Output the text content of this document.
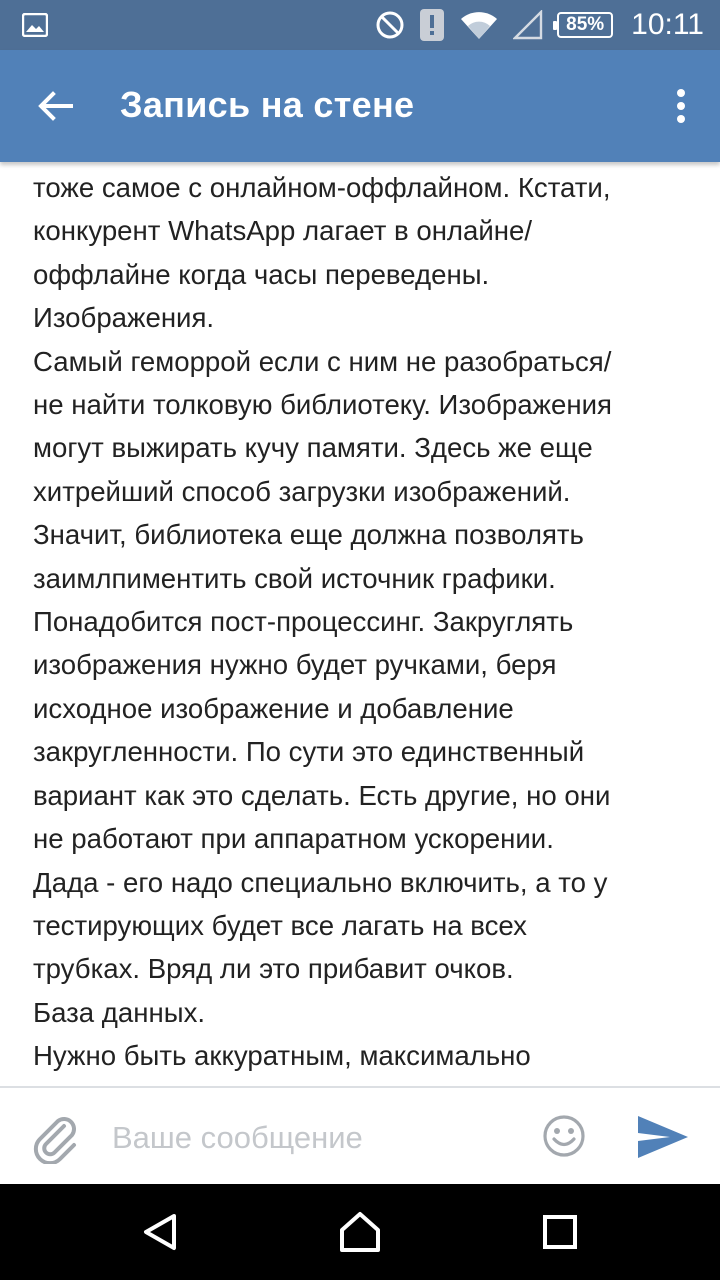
85% 10:11
Запись на стене
тоже самое с онлайном-оффлайном. Кстати,
конкурент WhatsApp лагает в онлайне/
оффлайне когда часы переведены.
Изображения.
Самый геморрой если с ним не разобраться/
не найти толковую библиотеку. Изображения
могут выжирать кучу памяти. Здесь же еще
хитрейший способ загрузки изображений.
Значит, библиотека еще должна позволять
заимлпиментить свой источник графики.
Понадобится пост-процессинг. Закруглять
изображения нужно будет ручками, беря
исходное изображение и добавление
закругленности. По сути это единственный
вариант как это сделать. Есть другие, но они
не работают при аппаратном ускорении.
Дада - его надо специально включить, а то у
тестирующих будет все лагать на всех
трубках. Вряд ли это прибавит очков.
База данных.
Нужно быть аккуратным, максимально
Ваше сообщение
